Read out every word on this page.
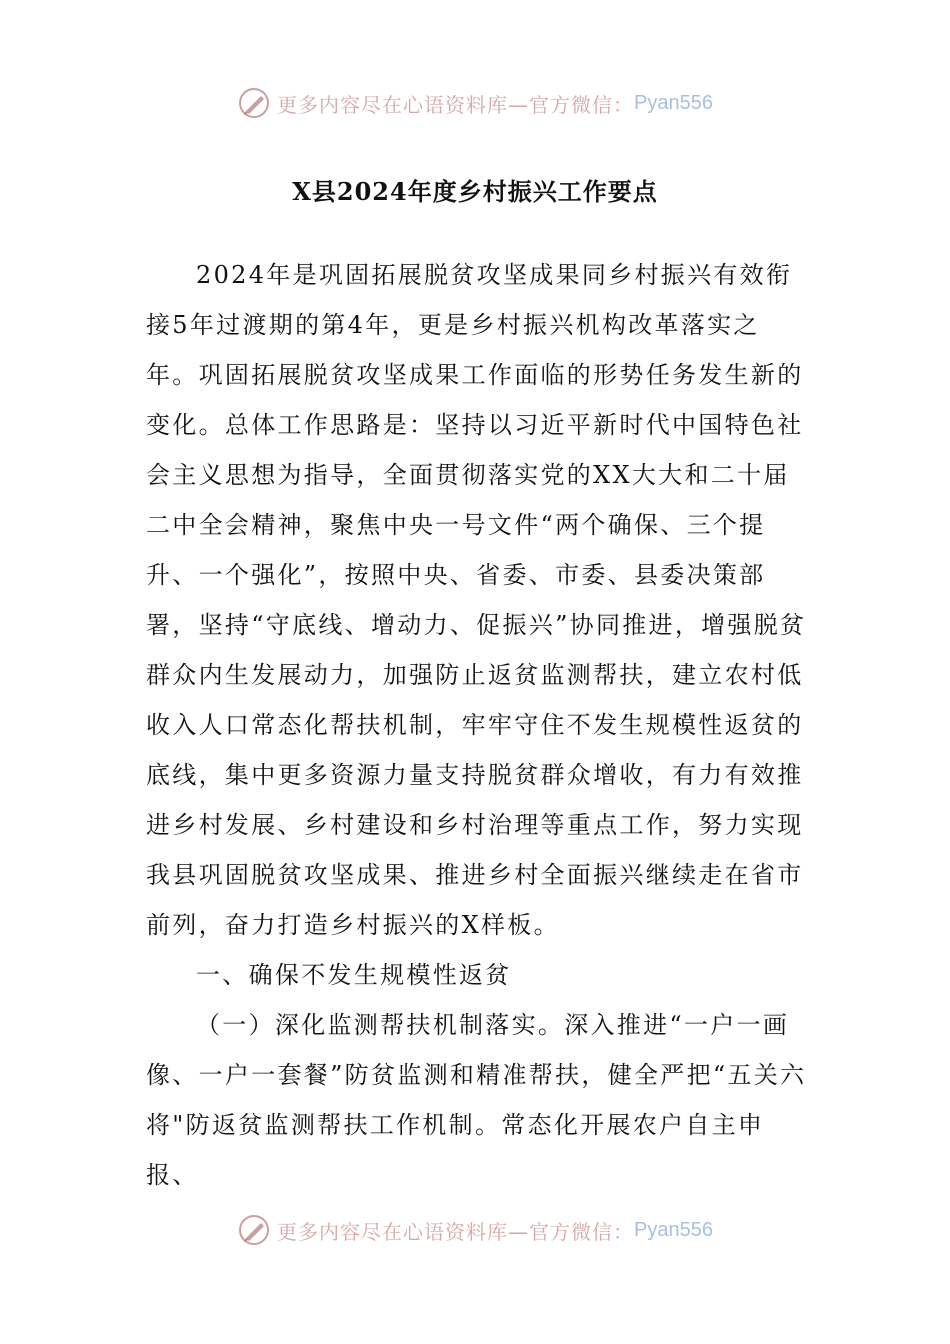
更多内容尽在心语资料库—官方微信： Pyan556
X县2024年度乡村振兴工作要点

2024年是巩固拓展脱贫攻坚成果同乡村振兴有效衔接5年过渡期的第4年，更是乡村振兴机构改革落实之年。巩固拓展脱贫攻坚成果工作面临的形势任务发生新的变化。总体工作思路是：坚持以习近平新时代中国特色社会主义思想为指导，全面贯彻落实党的XX大大和二十届二中全会精神，聚焦中央一号文件“两个确保、三个提升、一个强化”，按照中央、省委、市委、县委决策部署，坚持“守底线、增动力、促振兴”协同推进，增强脱贫群众内生发展动力，加强防止返贫监测帮扶，建立农村低收入人口常态化帮扶机制，牢牢守住不发生规模性返贫的底线，集中更多资源力量支持脱贫群众增收，有力有效推进乡村发展、乡村建设和乡村治理等重点工作，努力实现我县巩固脱贫攻坚成果、推进乡村全面振兴继续走在省市前列，奋力打造乡村振兴的X样板。

一、确保不发生规模性返贫

（一）深化监测帮扶机制落实。深入推进“一户一画像、一户一套餐”防贫监测和精准帮扶，健全严把“五关六将"防返贫监测帮扶工作机制。常态化开展农户自主申报、

更多内容尽在心语资料库—官方微信： Pyan556
